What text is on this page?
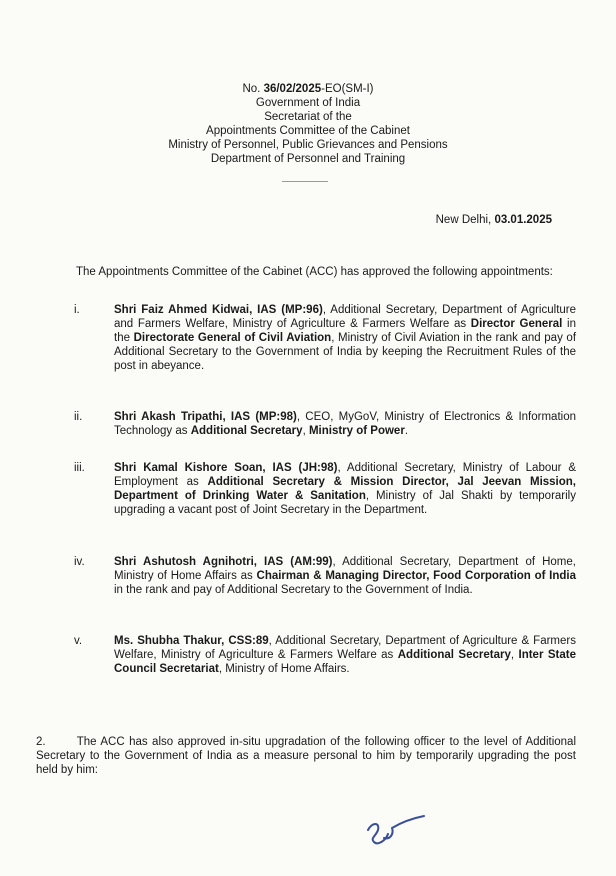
No. 36/02/2025-EO(SM-I)
Government of India
Secretariat of the
Appointments Committee of the Cabinet
Ministry of Personnel, Public Grievances and Pensions
Department of Personnel and Training
New Delhi, 03.01.2025
The Appointments Committee of the Cabinet (ACC) has approved the following appointments:
i.	Shri Faiz Ahmed Kidwai, IAS (MP:96), Additional Secretary, Department of Agriculture and Farmers Welfare, Ministry of Agriculture & Farmers Welfare as Director General in the Directorate General of Civil Aviation, Ministry of Civil Aviation in the rank and pay of Additional Secretary to the Government of India by keeping the Recruitment Rules of the post in abeyance.
ii.	Shri Akash Tripathi, IAS (MP:98), CEO, MyGoV, Ministry of Electronics & Information Technology as Additional Secretary, Ministry of Power.
iii.	Shri Kamal Kishore Soan, IAS (JH:98), Additional Secretary, Ministry of Labour & Employment as Additional Secretary & Mission Director, Jal Jeevan Mission, Department of Drinking Water & Sanitation, Ministry of Jal Shakti by temporarily upgrading a vacant post of Joint Secretary in the Department.
iv.	Shri Ashutosh Agnihotri, IAS (AM:99), Additional Secretary, Department of Home, Ministry of Home Affairs as Chairman & Managing Director, Food Corporation of India in the rank and pay of Additional Secretary to the Government of India.
v.	Ms. Shubha Thakur, CSS:89, Additional Secretary, Department of Agriculture & Farmers Welfare, Ministry of Agriculture & Farmers Welfare as Additional Secretary, Inter State Council Secretariat, Ministry of Home Affairs.
2.	The ACC has also approved in-situ upgradation of the following officer to the level of Additional Secretary to the Government of India as a measure personal to him by temporarily upgrading the post held by him:
